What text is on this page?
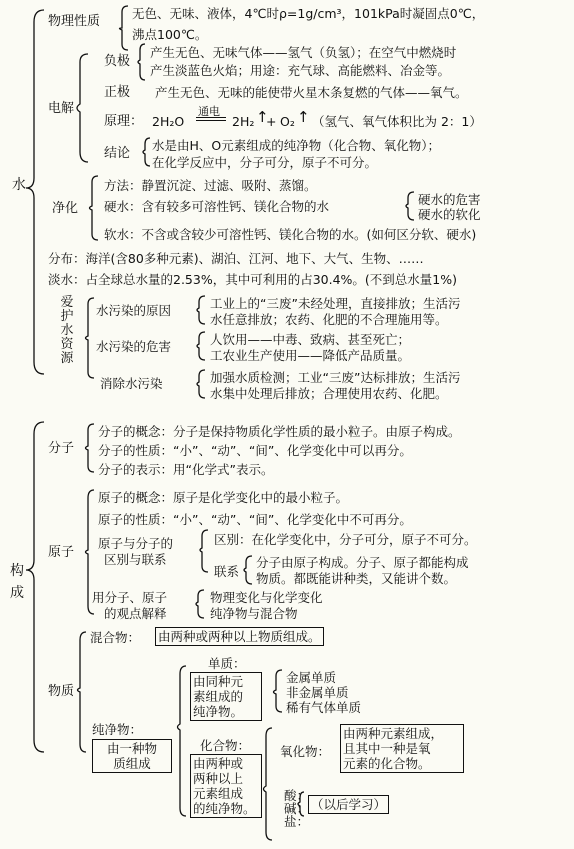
水
物理性质
无色、无味、液体，4℃时ρ=1g/cm³，101kPa时凝固点0℃，
沸点100℃。
电解
负极
产生无色、无味气体——氢气（负氢）；在空气中燃烧时
产生淡蓝色火焰；用途：充气球、高能燃料、冶金等。
正极 产生无色、无味的能使带火星木条复燃的气体——氧气。
原理： 2H₂O
通电
2H₂ ↑
+ O₂ ↑ （氢气、氧气体积比为 2：1）
结论
水是由H、O元素组成的纯净物（化合物、氧化物）；
在化学反应中，分子可分，原子不可分。
净化
方法：静置沉淀、过滤、吸附、蒸馏。
硬水：含有较多可溶性钙、镁化合物的水	硬水的危害
硬水的软化
软水：不含或含较少可溶性钙、镁化合物的水。(如何区分软、硬水)
分布：海洋(含80多种元素)、湖泊、江河、地下、大气、生物、……
淡水：占全球总水量的2.53%，其中可利用的占30.4%。(不到总水量1%)
爱护水资源
水污染的原因	工业上的“三废”未经处理，直接排放；生活污
水任意排放；农药、化肥的不合理施用等。
水污染的危害	人饮用——中毒、致病、甚至死亡；
工农业生产使用——降低产品质量。
消除水污染	加强水质检测；工业“三废”达标排放；生活污
水集中处理后排放；合理使用农药、化肥。
构成
分子
分子的概念：分子是保持物质化学性质的最小粒子。由原子构成。
分子的性质：“小”、“动”、“间”、化学变化中可以再分。
分子的表示：用“化学式”表示。
原子
原子的概念：原子是化学变化中的最小粒子。
原子的性质：“小”、“动”、“间”、化学变化中不可再分。
原子与分子的
区别与联系
区别：在化学变化中，分子可分，原子不可分。
联系
分子由原子构成。分子、原子都能构成
物质。都既能讲种类，又能讲个数。
用分子、原子
的观点解释
物理变化与化学变化
纯净物与混合物
物质
混合物： 由两种或两种以上物质组成。
纯净物：
由一种物
质组成
单质：
由同种元
素组成的
纯净物。
金属单质
非金属单质
稀有气体单质
化合物：
由两种或
两种以上
元素组成
的纯净物。
氧化物：
由两种元素组成，
且其中一种是氧
元素的化合物。
酸：
碱：
盐：
（以后学习）
